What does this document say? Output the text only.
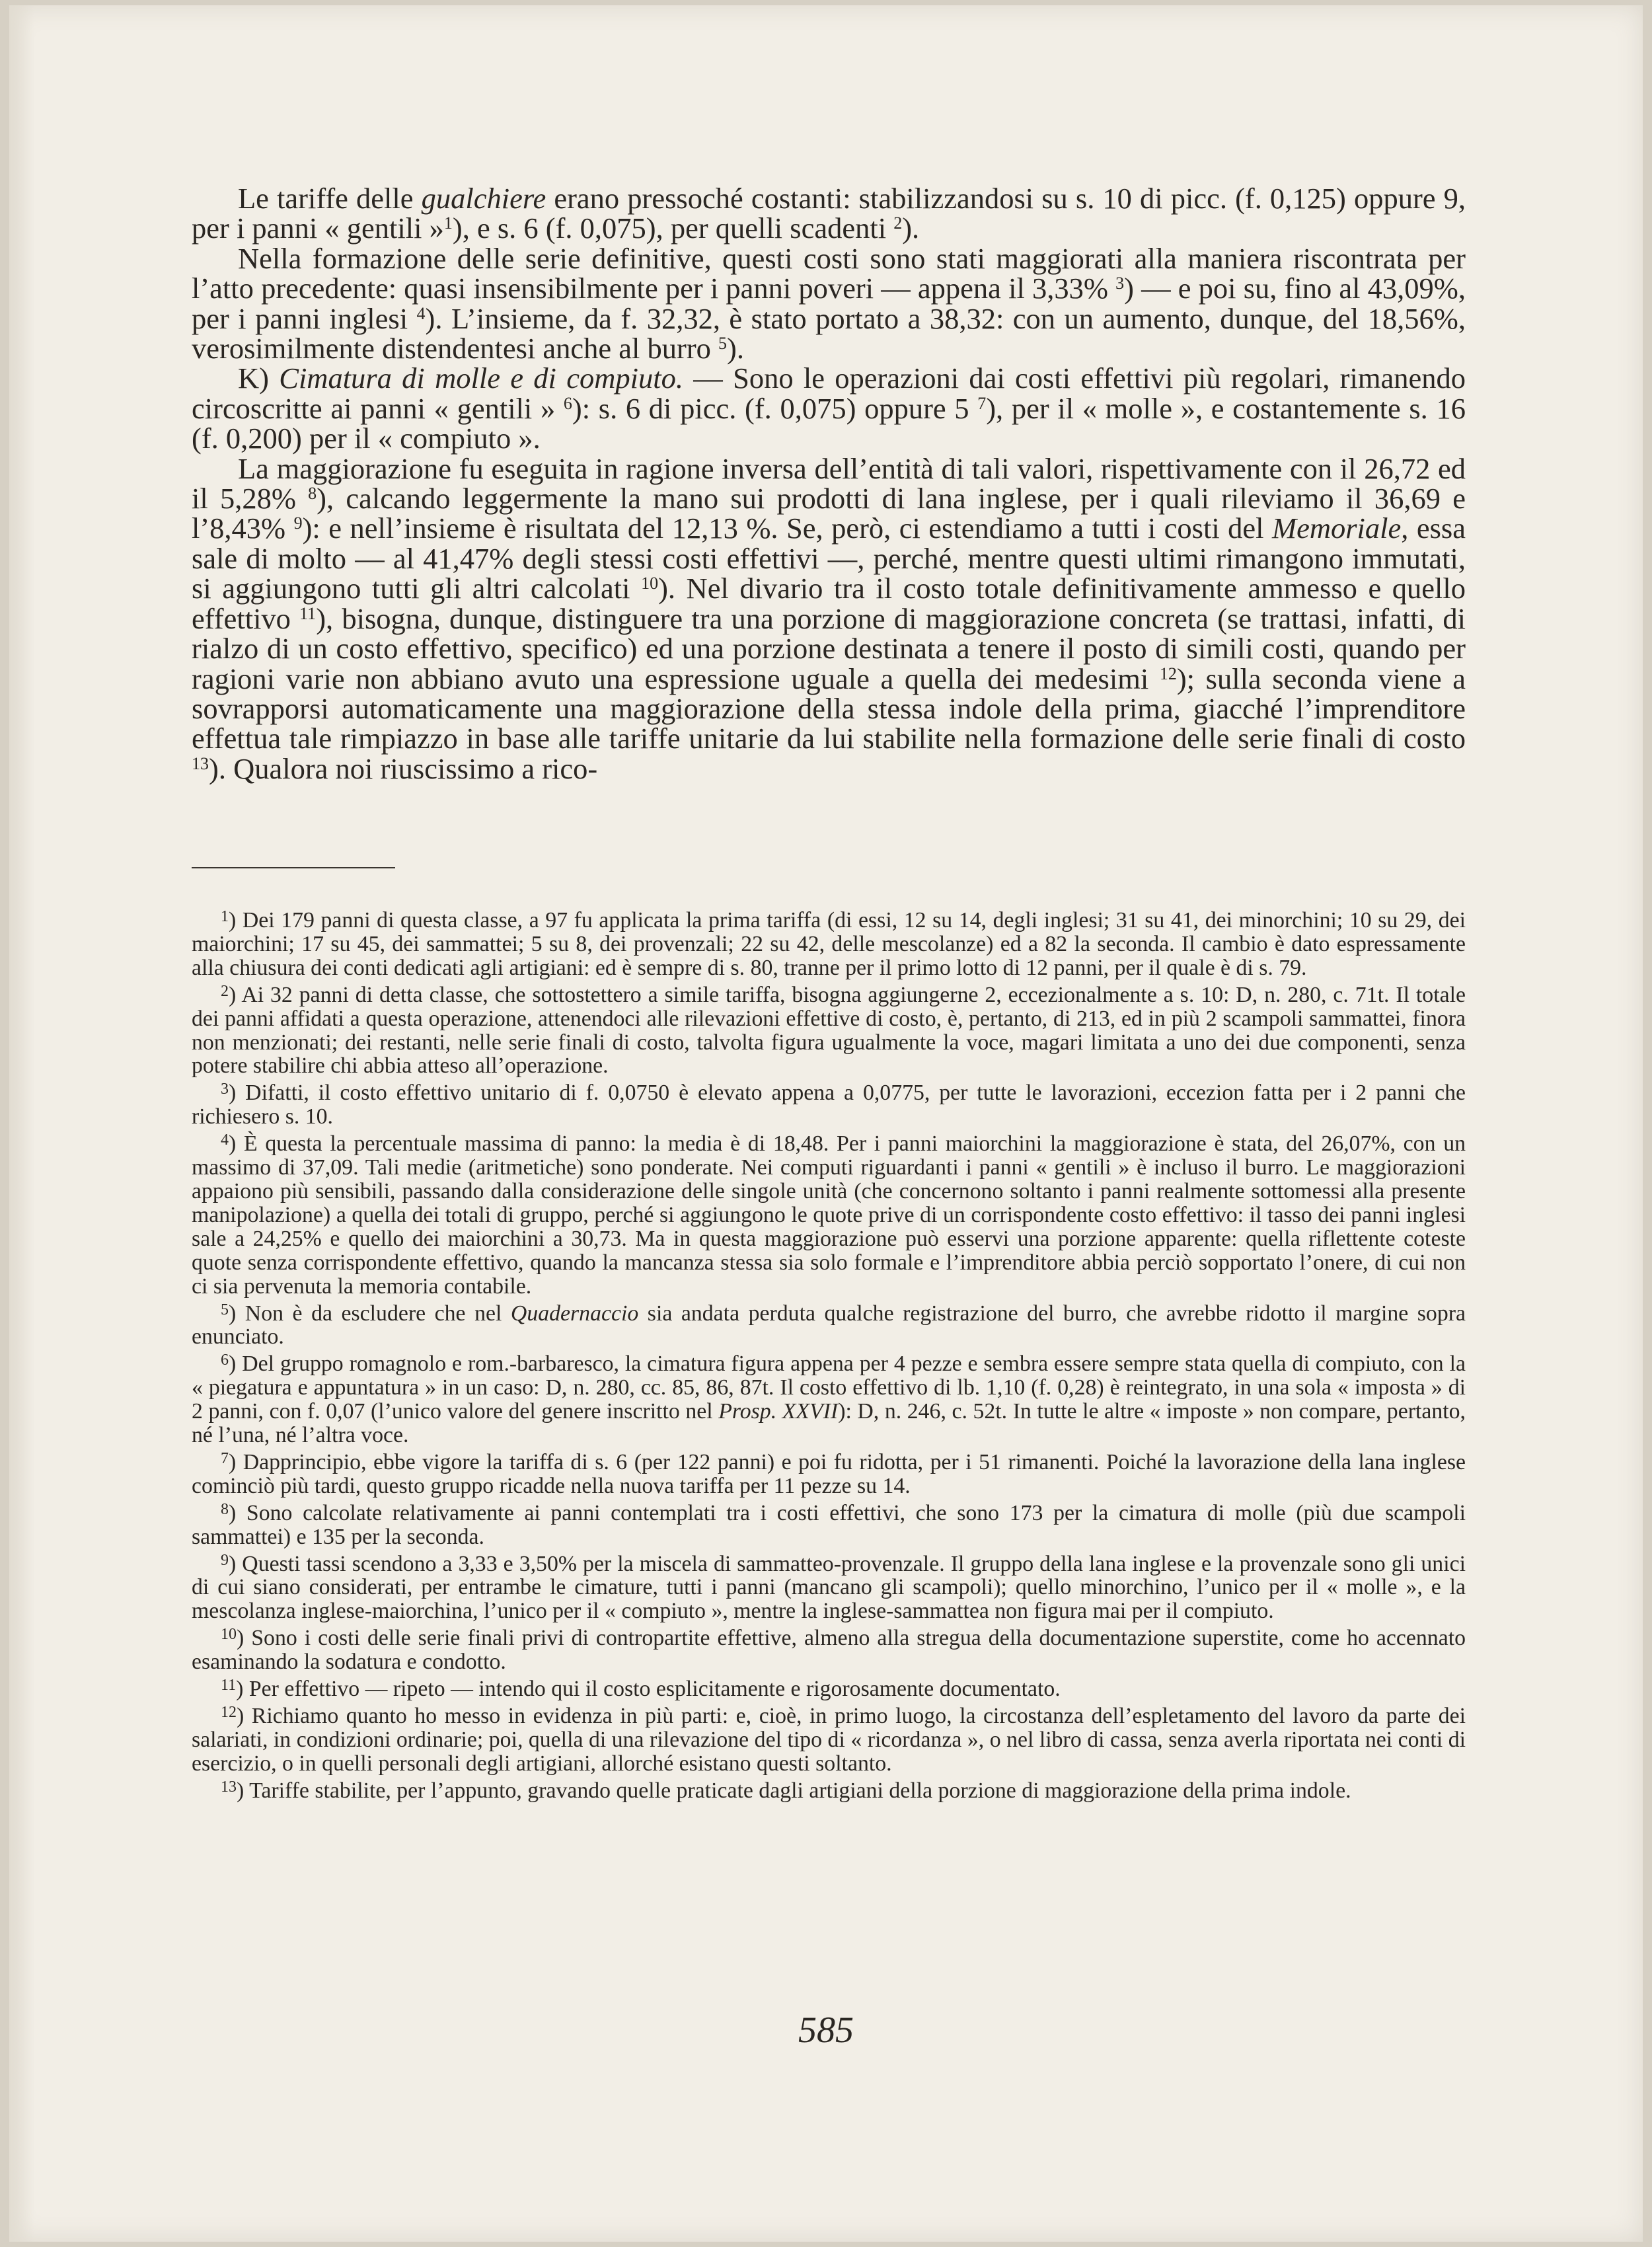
Le tariffe delle gualchiere erano pressoché costanti: stabilizzandosi su s. 10 di picc. (f. 0,125) oppure 9, per i panni « gentili »$^1$), e s. 6 (f. 0,075), per quelli scadenti $^2$).

Nella formazione delle serie definitive, questi costi sono stati maggiorati alla maniera riscontrata per l’atto precedente: quasi insensibilmente per i panni poveri — appena il 3,33% $^3$) — e poi su, fino al 43,09%, per i panni inglesi $^4$). L’insieme, da f. 32,32, è stato portato a 38,32: con un aumento, dunque, del 18,56%, verosimilmente distendentesi anche al burro $^5$).

K) Cimatura di molle e di compiuto. — Sono le operazioni dai costi effettivi più regolari, rimanendo circoscritte ai panni « gentili » $^6$): s. 6 di picc. (f. 0,075) oppure 5 $^7$), per il « molle », e costantemente s. 16 (f. 0,200) per il « compiuto ».

La maggiorazione fu eseguita in ragione inversa dell’entità di tali valori, rispettivamente con il 26,72 ed il 5,28% $^8$), calcando leggermente la mano sui prodotti di lana inglese, per i quali rileviamo il 36,69 e l’8,43% $^9$): e nell’insieme è risultata del 12,13 %. Se, però, ci estendiamo a tutti i costi del Memoriale, essa sale di molto — al 41,47% degli stessi costi effettivi —, perché, mentre questi ultimi rimangono immutati, si aggiungono tutti gli altri calcolati $^{10}$). Nel divario tra il costo totale definitivamente ammesso e quello effettivo $^{11}$), bisogna, dunque, distinguere tra una porzione di maggiorazione concreta (se trattasi, infatti, di rialzo di un costo effettivo, specifico) ed una porzione destinata a tenere il posto di simili costi, quando per ragioni varie non abbiano avuto una espressione uguale a quella dei medesimi $^{12}$); sulla seconda viene a sovrapporsi automaticamente una maggiorazione della stessa indole della prima, giacché l’imprenditore effettua tale rimpiazzo in base alle tariffe unitarie da lui stabilite nella formazione delle serie finali di costo $^{13}$). Qualora noi riuscissimo a rico-

$^1$) Dei 179 panni di questa classe, a 97 fu applicata la prima tariffa (di essi, 12 su 14, degli inglesi; 31 su 41, dei minorchini; 10 su 29, dei maiorchini; 17 su 45, dei sammattei; 5 su 8, dei provenzali; 22 su 42, delle mescolanze) ed a 82 la seconda. Il cambio è dato espressamente alla chiusura dei conti dedicati agli artigiani: ed è sempre di s. 80, tranne per il primo lotto di 12 panni, per il quale è di s. 79.

$^2$) Ai 32 panni di detta classe, che sottostettero a simile tariffa, bisogna aggiungerne 2, eccezionalmente a s. 10: D, n. 280, c. 71t. Il totale dei panni affidati a questa operazione, attenendoci alle rilevazioni effettive di costo, è, pertanto, di 213, ed in più 2 scampoli sammattei, finora non menzionati; dei restanti, nelle serie finali di costo, talvolta figura ugualmente la voce, magari limitata a uno dei due componenti, senza potere stabilire chi abbia atteso all’operazione.

$^3$) Difatti, il costo effettivo unitario di f. 0,0750 è elevato appena a 0,0775, per tutte le lavorazioni, eccezion fatta per i 2 panni che richiesero s. 10.

$^4$) È questa la percentuale massima di panno: la media è di 18,48. Per i panni maiorchini la maggiorazione è stata, del 26,07%, con un massimo di 37,09. Tali medie (aritmetiche) sono ponderate. Nei computi riguardanti i panni « gentili » è incluso il burro. Le maggiorazioni appaiono più sensibili, passando dalla considerazione delle singole unità (che concernono soltanto i panni realmente sottomessi alla presente manipolazione) a quella dei totali di gruppo, perché si aggiungono le quote prive di un corrispondente costo effettivo: il tasso dei panni inglesi sale a 24,25% e quello dei maiorchini a 30,73. Ma in questa maggiorazione può esservi una porzione apparente: quella riflettente coteste quote senza corrispondente effettivo, quando la mancanza stessa sia solo formale e l’imprenditore abbia perciò sopportato l’onere, di cui non ci sia pervenuta la memoria contabile.

$^5$) Non è da escludere che nel Quadernaccio sia andata perduta qualche registrazione del burro, che avrebbe ridotto il margine sopra enunciato.

$^6$) Del gruppo romagnolo e rom.-barbaresco, la cimatura figura appena per 4 pezze e sembra essere sempre stata quella di compiuto, con la « piegatura e appuntatura » in un caso: D, n. 280, cc. 85, 86, 87t. Il costo effettivo di lb. 1,10 (f. 0,28) è reintegrato, in una sola « imposta » di 2 panni, con f. 0,07 (l’unico valore del genere inscritto nel Prosp. XXVII): D, n. 246, c. 52t. In tutte le altre « imposte » non compare, pertanto, né l’una, né l’altra voce.

$^7$) Dapprincipio, ebbe vigore la tariffa di s. 6 (per 122 panni) e poi fu ridotta, per i 51 rimanenti. Poiché la lavorazione della lana inglese cominciò più tardi, questo gruppo ricadde nella nuova tariffa per 11 pezze su 14.

$^8$) Sono calcolate relativamente ai panni contemplati tra i costi effettivi, che sono 173 per la cimatura di molle (più due scampoli sammattei) e 135 per la seconda.

$^9$) Questi tassi scendono a 3,33 e 3,50% per la miscela di sammatteo-provenzale. Il gruppo della lana inglese e la provenzale sono gli unici di cui siano considerati, per entrambe le cimature, tutti i panni (mancano gli scampoli); quello minorchino, l’unico per il « molle », e la mescolanza inglese-maiorchina, l’unico per il « compiuto », mentre la inglese-sammattea non figura mai per il compiuto.

$^{10}$) Sono i costi delle serie finali privi di contropartite effettive, almeno alla stregua della documentazione superstite, come ho accennato esaminando la sodatura e condotto.

$^{11}$) Per effettivo — ripeto — intendo qui il costo esplicitamente e rigorosamente documentato.

$^{12}$) Richiamo quanto ho messo in evidenza in più parti: e, cioè, in primo luogo, la circostanza dell’espletamento del lavoro da parte dei salariati, in condizioni ordinarie; poi, quella di una rilevazione del tipo di « ricordanza », o nel libro di cassa, senza averla riportata nei conti di esercizio, o in quelli personali degli artigiani, allorché esistano questi soltanto.

$^{13}$) Tariffe stabilite, per l’appunto, gravando quelle praticate dagli artigiani della porzione di maggiorazione della prima indole.

585
